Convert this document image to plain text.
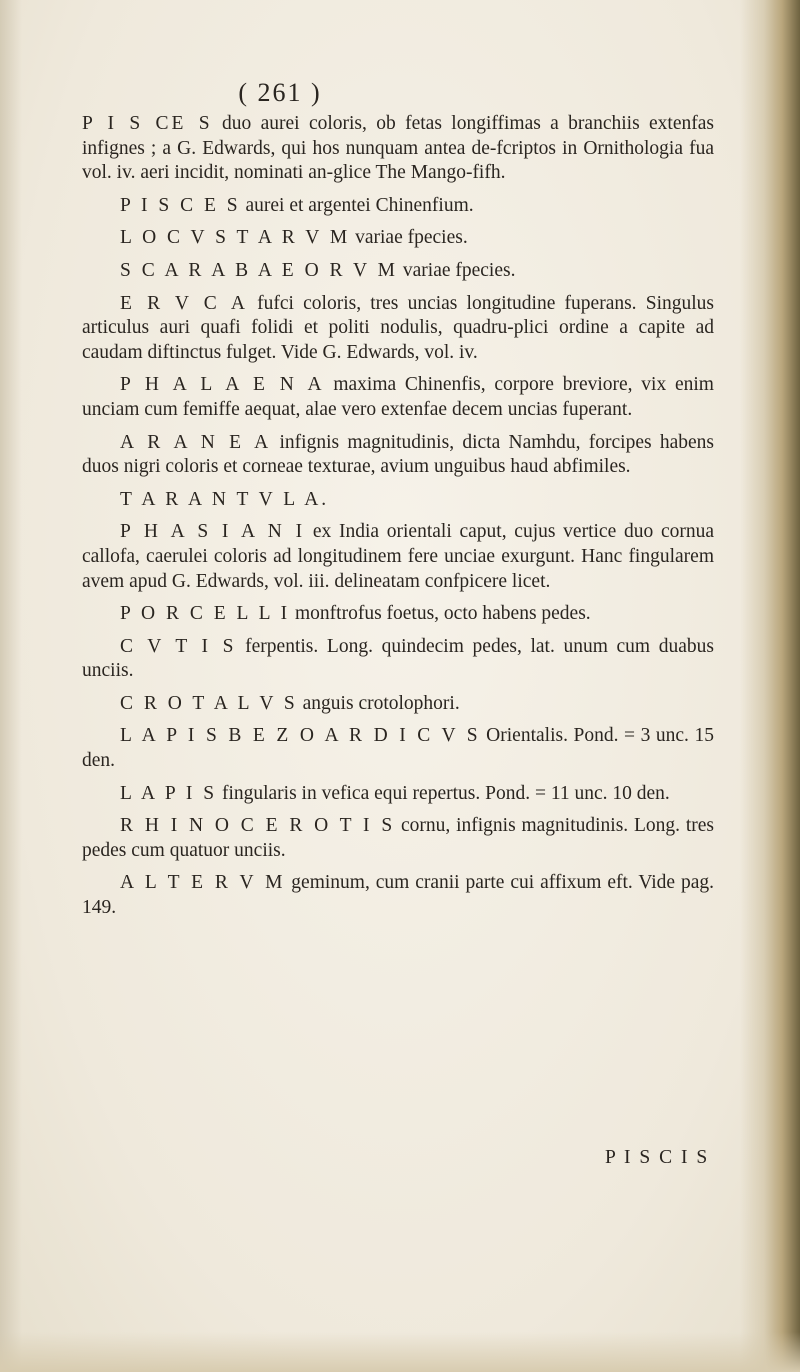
( 261 )

P I S CE S duo aurei coloris, ob fetas longiffimas a branchiis extenfas infignes ; a G. Edwards, qui hos nunquam antea de-fcriptos in Ornithologia fua vol. iv. aeri incidit, nominati an-glice The Mango-fifh.

P I S C E S aurei et argentei Chinenfium.

L O C V S T A R V M variae fpecies.

S C A R A B A E O R V M variae fpecies.

E R V C A fufci coloris, tres uncias longitudine fuperans. Singulus articulus auri quafi folidi et politi nodulis, quadru-plici ordine a capite ad caudam diftinctus fulget. Vide G. Edwards, vol. iv.

P H A L A E N A maxima Chinenfis, corpore breviore, vix enim unciam cum femiffe aequat, alae vero extenfae decem uncias fuperant.

A R A N E A infignis magnitudinis, dicta Namhdu, forcipes habens duos nigri coloris et corneae texturae, avium unguibus haud abfimiles.

T A R A N T V L A.

P H A S I A N I ex India orientali caput, cujus vertice duo cornua callofa, caerulei coloris ad longitudinem fere unciae exurgunt. Hanc fingularem avem apud G. Edwards, vol. iii. delineatam confpicere licet.

P O R C E L L I monftrofus foetus, octo habens pedes.

C V T I S ferpentis. Long. quindecim pedes, lat. unum cum duabus unciis.

C R O T A L V S anguis crotolophori.

L A P I S B E Z O A R D I C V S Orientalis. Pond. = 3 unc. 15 den.

L A P I S fingularis in vefica equi repertus. Pond. = 11 unc. 10 den.

R H I N O C E R O T I S cornu, infignis magnitudinis. Long. tres pedes cum quatuor unciis.

A L T E R V M geminum, cum cranii parte cui affixum eft. Vide pag. 149.

P I S C I S
